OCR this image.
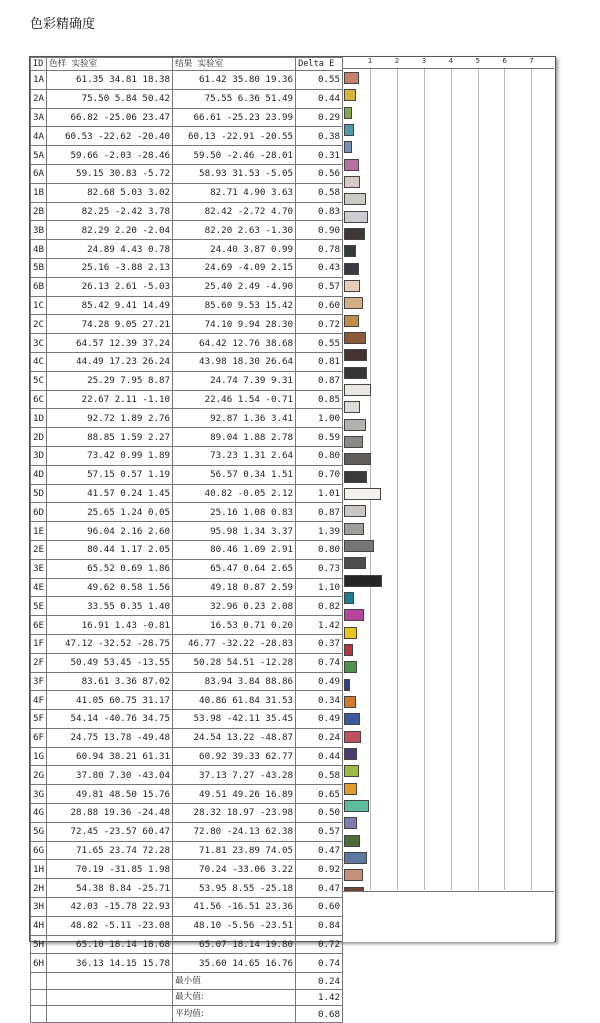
色彩精确度
ID	色样 实验室	结果 实验室	Delta E
1A	61.35 34.81 18.38	61.42 35.80 19.36	0.55
2A	75.50 5.84 50.42	75.55 6.36 51.49	0.44
3A	66.82 -25.06 23.47	66.61 -25.23 23.99	0.29
4A	60.53 -22.62 -20.40	60.13 -22.91 -20.55	0.38
5A	59.66 -2.03 -28.46	59.50 -2.46 -28.01	0.31
6A	59.15 30.83 -5.72	58.93 31.53 -5.05	0.56
1B	82.68 5.03 3.02	82.71 4.90 3.63	0.58
2B	82.25 -2.42 3.78	82.42 -2.72 4.70	0.83
3B	82.29 2.20 -2.04	82.20 2.63 -1.30	0.90
4B	24.89 4.43 0.78	24.40 3.87 0.99	0.78
5B	25.16 -3.88 2.13	24.69 -4.09 2.15	0.43
6B	26.13 2.61 -5.03	25.40 2.49 -4.90	0.57
1C	85.42 9.41 14.49	85.60 9.53 15.42	0.60
2C	74.28 9.05 27.21	74.10 9.94 28.30	0.72
3C	64.57 12.39 37.24	64.42 12.76 38.68	0.55
4C	44.49 17.23 26.24	43.98 18.30 26.64	0.81
5C	25.29 7.95 8.87	24.74 7.39 9.31	0.87
6C	22.67 2.11 -1.10	22.46 1.54 -0.71	0.85
1D	92.72 1.89 2.76	92.87 1.36 3.41	1.00
2D	88.85 1.59 2.27	89.04 1.88 2.78	0.59
3D	73.42 0.99 1.89	73.23 1.31 2.64	0.80
4D	57.15 0.57 1.19	56.57 0.34 1.51	0.70
5D	41.57 0.24 1.45	40.82 -0.05 2.12	1.01
6D	25.65 1.24 0.05	25.16 1.08 0.83	0.87
1E	96.04 2.16 2.60	95.98 1.34 3.37	1.39
2E	80.44 1.17 2.05	80.46 1.09 2.91	0.80
3E	65.52 0.69 1.86	65.47 0.64 2.65	0.73
4E	49.62 0.58 1.56	49.18 0.87 2.59	1.10
5E	33.55 0.35 1.40	32.96 0.23 2.08	0.82
6E	16.91 1.43 -0.81	16.53 0.71 0.20	1.42
1F	47.12 -32.52 -28.75	46.77 -32.22 -28.83	0.37
2F	50.49 53.45 -13.55	50.28 54.51 -12.28	0.74
3F	83.61 3.36 87.02	83.94 3.84 88.86	0.49
4F	41.05 60.75 31.17	40.86 61.84 31.53	0.34
5F	54.14 -40.76 34.75	53.98 -42.11 35.45	0.49
6F	24.75 13.78 -49.48	24.54 13.22 -48.87	0.24
1G	60.94 38.21 61.31	60.92 39.33 62.77	0.44
2G	37.80 7.30 -43.04	37.13 7.27 -43.28	0.58
3G	49.81 48.50 15.76	49.51 49.26 16.89	0.65
4G	28.88 19.36 -24.48	28.32 18.97 -23.98	0.50
5G	72.45 -23.57 60.47	72.80 -24.13 62.38	0.57
6G	71.65 23.74 72.28	71.81 23.89 74.05	0.47
1H	70.19 -31.85 1.98	70.24 -33.06 3.22	0.92
2H	54.38 8.84 -25.71	53.95 8.55 -25.18	0.47
3H	42.03 -15.78 22.93	41.56 -16.51 23.36	0.60
4H	48.82 -5.11 -23.08	48.10 -5.56 -23.51	0.84
5H	65.10 18.14 18.68	65.07 18.14 19.80	0.72
6H	36.13 14.15 15.78	35.60 14.65 16.76	0.74
		最小值	0.24
		最大值:	1.42
		平均值:	0.68
1	2	3	4	5	6	7
